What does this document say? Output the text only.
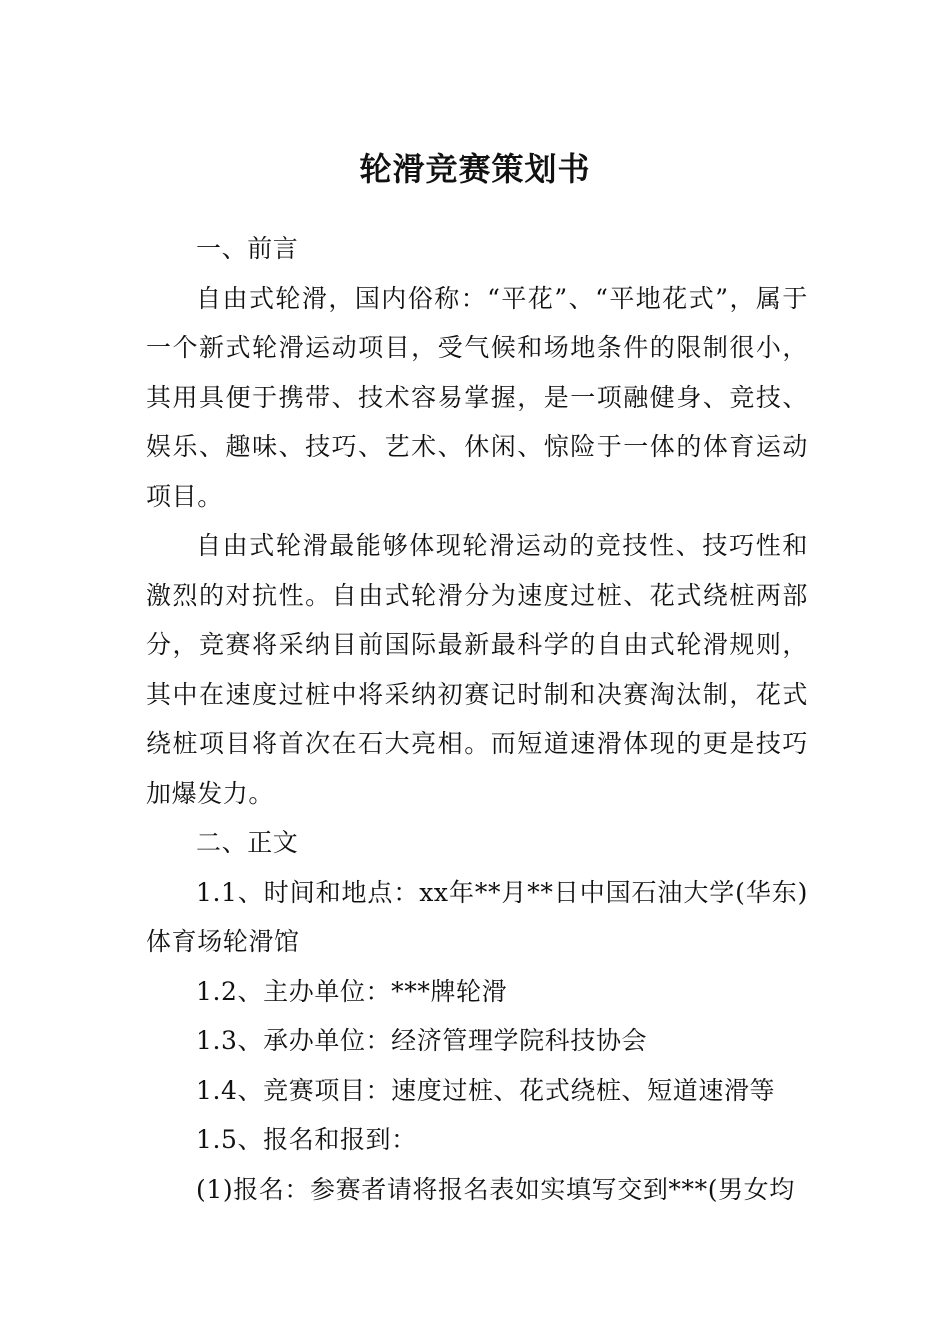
轮滑竞赛策划书

一、前言

自由式轮滑，国内俗称：“平花”、“平地花式”，属于一个新式轮滑运动项目，受气候和场地条件的限制很小，其用具便于携带、技术容易掌握，是一项融健身、竞技、娱乐、趣味、技巧、艺术、休闲、惊险于一体的体育运动项目。

自由式轮滑最能够体现轮滑运动的竞技性、技巧性和激烈的对抗性。自由式轮滑分为速度过桩、花式绕桩两部分，竞赛将采纳目前国际最新最科学的自由式轮滑规则，其中在速度过桩中将采纳初赛记时制和决赛淘汰制，花式绕桩项目将首次在石大亮相。而短道速滑体现的更是技巧加爆发力。

二、正文

1.1、时间和地点：xx年**月**日中国石油大学(华东)体育场轮滑馆

1.2、主办单位：***牌轮滑

1.3、承办单位：经济管理学院科技协会

1.4、竞赛项目：速度过桩、花式绕桩、短道速滑等

1.5、报名和报到：

(1)报名：参赛者请将报名表如实填写交到***(男女均
